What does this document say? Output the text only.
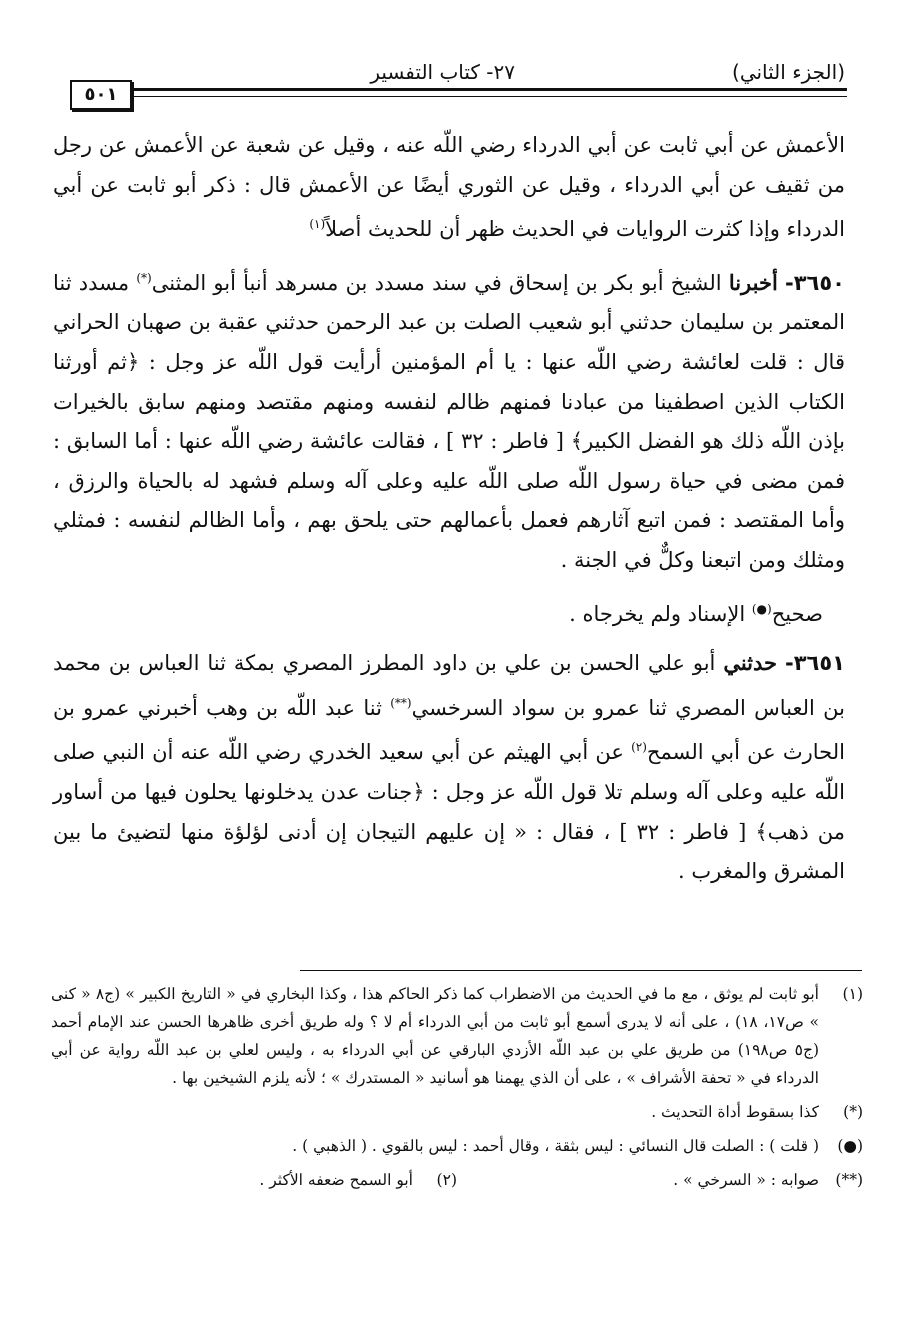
(الجزء الثاني)
٢٧- كتاب التفسير
٥٠١

الأعمش عن أبي ثابت عن أبي الدرداء رضي اللّه عنه ، وقيل عن شعبة عن الأعمش عن رجل من ثقيف عن أبي الدرداء ، وقيل عن الثوري أيضًا عن الأعمش قال : ذكر أبو ثابت عن أبي الدرداء وإذا كثرت الروايات في الحديث ظهر أن للحديث أصلاً$^{(١)}$

٣٦٥٠- أخبرنا الشيخ أبو بكر بن إسحاق في سند مسدد بن مسرهد أنبأ أبو المثنى(*) مسدد ثنا المعتمر بن سليمان حدثني أبو شعيب الصلت بن عبد الرحمن حدثني عقبة بن صهبان الحراني قال : قلت لعائشة رضي اللّه عنها : يا أم المؤمنين أرأيت قول اللّه عز وجل : ﴿ثم أورثنا الكتاب الذين اصطفينا من عبادنا فمنهم ظالم لنفسه ومنهم مقتصد ومنهم سابق بالخيرات بإذن اللّه ذلك هو الفضل الكبير﴾ [ فاطر : ٣٢ ] ، فقالت عائشة رضي اللّه عنها : أما السابق : فمن مضى في حياة رسول اللّه صلى اللّه عليه وعلى آله وسلم فشهد له بالحياة والرزق ، وأما المقتصد : فمن اتبع آثارهم فعمل بأعمالهم حتى يلحق بهم ، وأما الظالم لنفسه : فمثلي ومثلك ومن اتبعنا وكلٌّ في الجنة .

صحيح(●) الإسناد ولم يخرجاه .

٣٦٥١- حدثني أبو علي الحسن بن علي بن داود المطرز المصري بمكة ثنا العباس بن محمد بن العباس المصري ثنا عمرو بن سواد السرخسي(**) ثنا عبد اللّه بن وهب أخبرني عمرو بن الحارث عن أبي السمح$^{(٢)}$ عن أبي الهيثم عن أبي سعيد الخدري رضي اللّه عنه أن النبي صلى اللّه عليه وعلى آله وسلم تلا قول اللّه عز وجل : ﴿جنات عدن يدخلونها يحلون فيها من أساور من ذهب﴾ [ فاطر : ٣٢ ] ، فقال : « إن عليهم التيجان إن أدنى لؤلؤة منها لتضيئ ما بين المشرق والمغرب .

(١)
أبو ثابت لم يوثق ، مع ما في الحديث من الاضطراب كما ذكر الحاكم هذا ، وكذا البخاري في « التاريخ الكبير » (ج٨ « كنى » ص١٧، ١٨) ، على أنه لا يدرى أسمع أبو ثابت من أبي الدرداء أم لا ؟ وله طريق أخرى ظاهرها الحسن عند الإمام أحمد (ج٥ ص١٩٨) من طريق علي بن عبد اللّه الأزدي البارقي عن أبي الدرداء به ، وليس لعلي بن عبد اللّه رواية عن أبي الدرداء في « تحفة الأشراف » ، على أن الذي يهمنا هو أسانيد « المستدرك » ؛ لأنه يلزم الشيخين بها .
(*)
كذا بسقوط أداة التحديث .
(●)
( قلت ) : الصلت قال النسائي : ليس بثقة ، وقال أحمد : ليس بالقوي . ( الذهبي ) .
(**)
صوابه : « السرخي » .
(٢)
أبو السمح ضعفه الأكثر .
